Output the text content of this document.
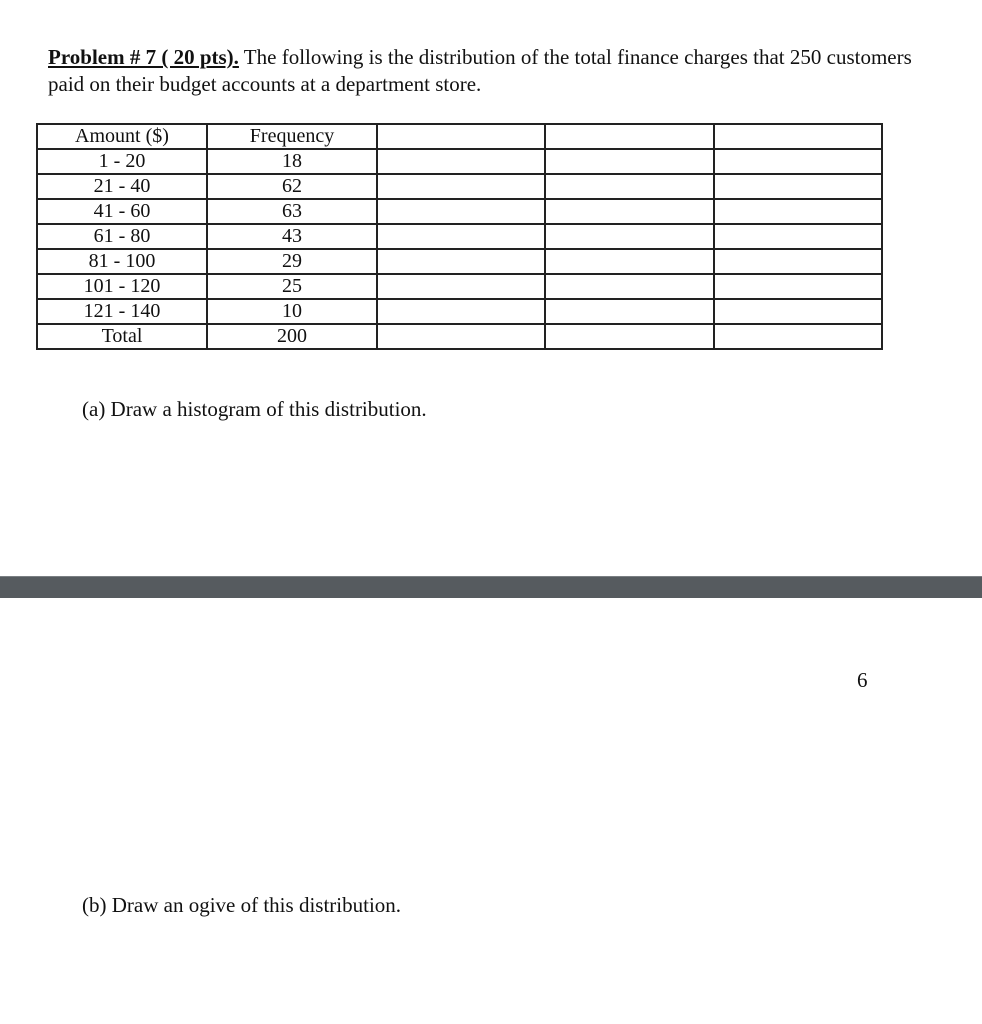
Problem # 7 ( 20 pts). The following is the distribution of the total finance charges that 250 customers paid on their budget accounts at a department store.
Amount ($)	Frequency			
1 - 20	18			
21 - 40	62			
41 - 60	63			
61 - 80	43			
81 - 100	29			
101 - 120	25			
121 - 140	10			
Total	200			
(a) Draw a histogram of this distribution.
6
(b) Draw an ogive of this distribution.
